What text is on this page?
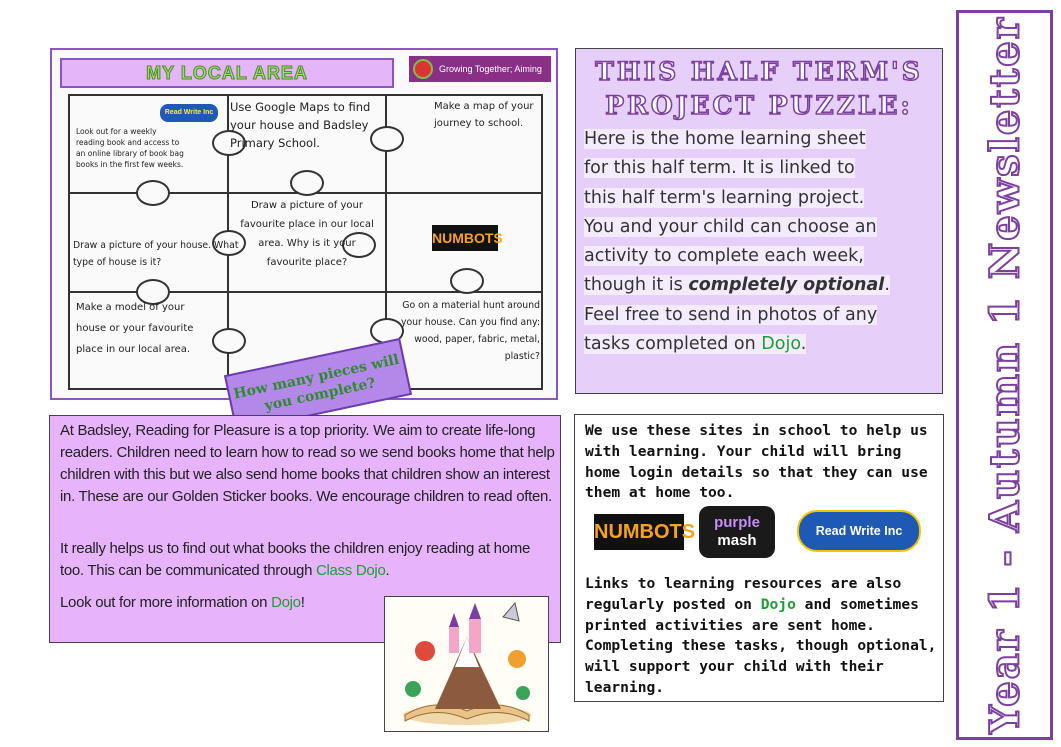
Year 1 - Autumn 1 Newsletter
MY LOCAL AREA	Growing Together; Aiming High
Read Write Inc
NUMBOTS
Look out for a weekly reading book and access to an online library of book bag books in the first few weeks.
Use Google Maps to find your house and Badsley Primary School.
Make a map of your journey to school.
Draw a picture of your house. What type of house is it?
Draw a picture of your favourite place in our local area. Why is it your favourite place?
Make a model of your house or your favourite place in our local area.
Go on a material hunt around your house. Can you find any: wood, paper, fabric, metal, plastic?
How many pieces will you complete?
THIS HALF TERM'S
PROJECT PUZZLE:
Here is the home learning sheet
for this half term. It is linked to
this half term's learning project.
You and your child can choose an
activity to complete each week,
though it is completely optional.
Feel free to send in photos of any
tasks completed on Dojo.
At Badsley, Reading for Pleasure is a top priority. We aim to create life-long readers. Children need to learn how to read so we send books home that help children with this but we also send home books that children show an interest in. These are our Golden Sticker books. We encourage children to read often.
It really helps us to find out what books the children enjoy reading at home too. This can be communicated through Class Dojo.
Look out for more information on Dojo!
We use these sites in school to help us with learning. Your child will bring home login details so that they can use them at home too.
NUMBOTS	purple
mash
Read Write Inc
Links to learning resources are also regularly posted on Dojo and sometimes printed activities are sent home. Completing these tasks, though optional, will support your child with their learning.
